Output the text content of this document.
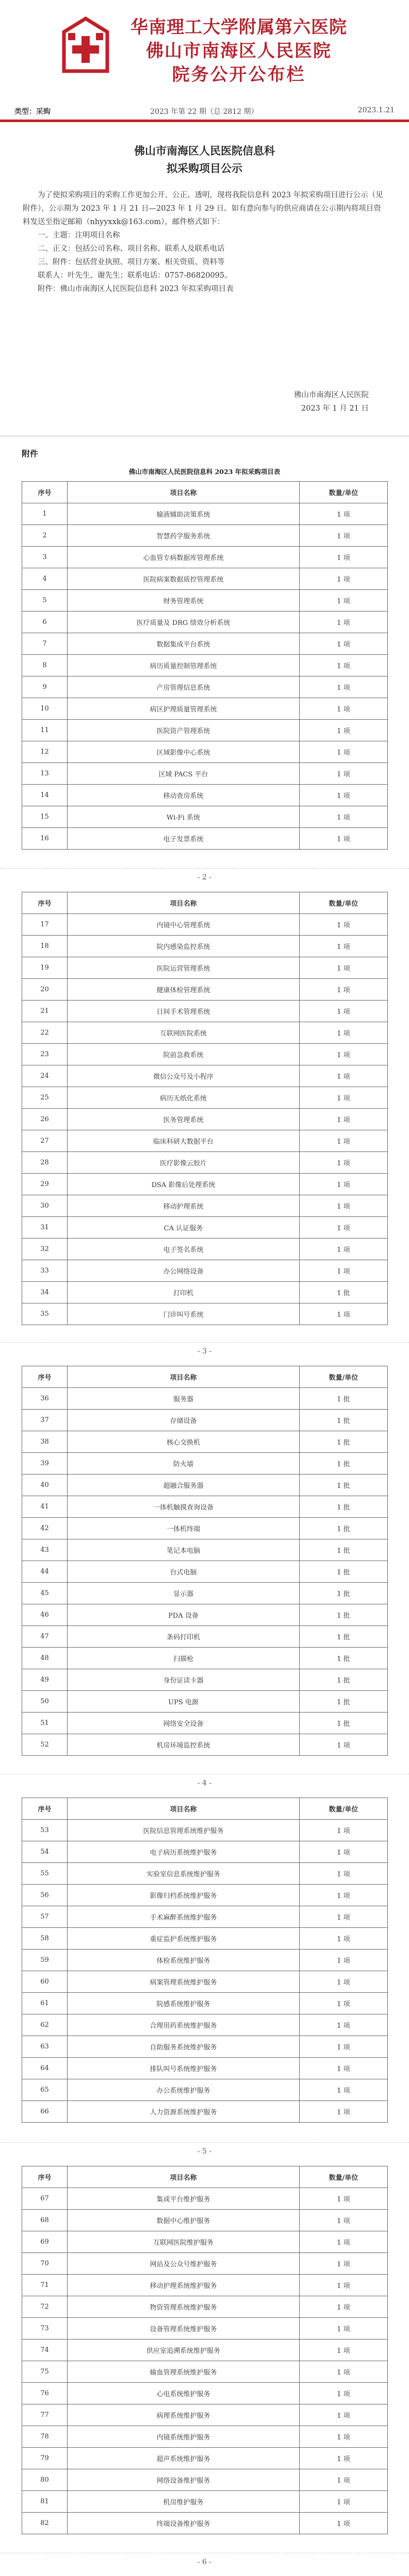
华南理工大学附属第六医院
佛山市南海区人民医院
院务公开公布栏
类型：采购	2023 年第 22 期（总 2812 期）	2023.1.21
佛山市南海区人民医院信息科
拟采购项目公示

为了使拟采购项目的采购工作更加公开、公正、透明，现将我院信息科 2023 年拟采购项目进行公示（见附件），公示期为 2023 年 1 月 21 日—2023 年 1 月 29 日。如有意向参与的供应商请在公示期内将项目资料发送至指定邮箱（nhyyxxk@163.com），邮件格式如下：

一、主题：注明项目名称

二、正文：包括公司名称、项目名称、联系人及联系电话

三、附件：包括营业执照、项目方案、相关资质、资料等

联系人：叶先生、谢先生；联系电话：0757-86820095。

附件：佛山市南海区人民医院信息科 2023 年拟采购项目表

佛山市南海区人民医院
2023 年 1 月 21 日
附件
佛山市南海区人民医院信息科 2023 年拟采购项目表
序号	项目名称	数量/单位
1	输液辅助决策系统	1 项
2	智慧药学服务系统	1 项
3	心血管专病数据库管理系统	1 项
4	医院病案数据质控管理系统	1 项
5	财务管理系统	1 项
6	医疗质量及 DRG 绩效分析系统	1 项
7	数据集成平台系统	1 项
8	病历质量控制管理系统	1 项
9	产房管理信息系统	1 项
10	病区护理质量管理系统	1 项
11	医院资产管理系统	1 项
12	区域影像中心系统	1 项
13	区域 PACS 平台	1 项
14	移动查房系统	1 项
15	Wi-Fi 系统	1 项
16	电子发票系统	1 项
- 2 -
序号	项目名称	数量/单位
17	内镜中心管理系统	1 项
18	院内感染监控系统	1 项
19	医院运营管理系统	1 项
20	健康体检管理系统	1 项
21	日间手术管理系统	1 项
22	互联网医院系统	1 项
23	院前急救系统	1 项
24	微信公众号及小程序	1 项
25	病历无纸化系统	1 项
26	医务管理系统	1 项
27	临床科研大数据平台	1 项
28	医疗影像云胶片	1 项
29	DSA 影像后处理系统	1 项
30	移动护理系统	1 项
31	CA 认证服务	1 项
32	电子签名系统	1 项
33	办公网络设备	1 项
34	打印机	1 批
35	门诊叫号系统	1 项
- 3 -
序号	项目名称	数量/单位
36	服务器	1 批
37	存储设备	1 批
38	核心交换机	1 批
39	防火墙	1 批
40	超融合服务器	1 批
41	一体机触摸查询设备	1 批
42	一体机终端	1 批
43	笔记本电脑	1 批
44	台式电脑	1 批
45	显示器	1 批
46	PDA 设备	1 批
47	条码打印机	1 批
48	扫描枪	1 批
49	身份证读卡器	1 批
50	UPS 电源	1 批
51	网络安全设备	1 批
52	机房环境监控系统	1 项
- 4 -
序号	项目名称	数量/单位
53	医院信息管理系统维护服务	1 项
54	电子病历系统维护服务	1 项
55	实验室信息系统维护服务	1 项
56	影像归档系统维护服务	1 项
57	手术麻醉系统维护服务	1 项
58	重症监护系统维护服务	1 项
59	体检系统维护服务	1 项
60	病案管理系统维护服务	1 项
61	院感系统维护服务	1 项
62	合理用药系统维护服务	1 项
63	自助服务系统维护服务	1 项
64	排队叫号系统维护服务	1 项
65	办公系统维护服务	1 项
66	人力资源系统维护服务	1 项
- 5 -
序号	项目名称	数量/单位
67	集成平台维护服务	1 项
68	数据中心维护服务	1 项
69	互联网医院维护服务	1 项
70	网站及公众号维护服务	1 项
71	移动护理系统维护服务	1 项
72	物资管理系统维护服务	1 项
73	设备管理系统维护服务	1 项
74	供应室追溯系统维护服务	1 项
75	输血管理系统维护服务	1 项
76	心电系统维护服务	1 项
77	病理系统维护服务	1 项
78	内镜系统维护服务	1 项
79	超声系统维护服务	1 项
80	网络设备维护服务	1 项
81	机房维护服务	1 项
82	终端设备维护服务	1 项
- 6 -
